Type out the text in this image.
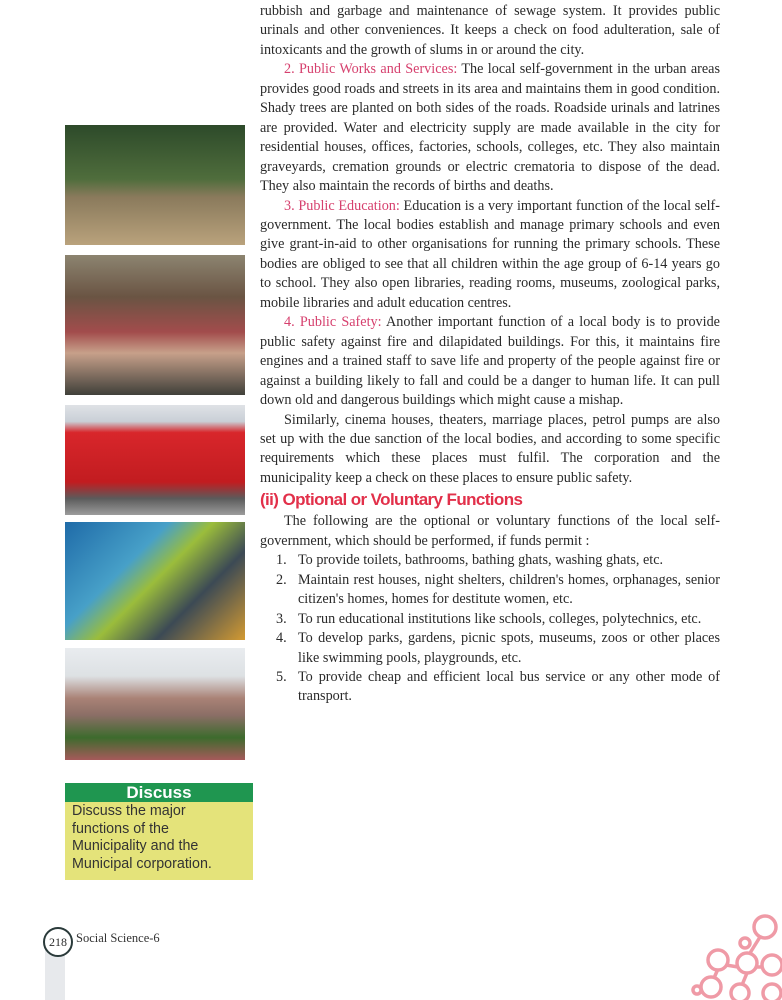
Discuss
Discuss the major functions of the Municipality and the Municipal corporation.

rubbish and garbage and maintenance of sewage system. It provides public urinals and other conveniences. It keeps a check on food adulteration, sale of intoxicants and the growth of slums in or around the city.

2. Public Works and Services: The local self-government in the urban areas provides good roads and streets in its area and maintains them in good condition. Shady trees are planted on both sides of the roads. Roadside urinals and latrines are provided. Water and electricity supply are made available in the city for residential houses, offices, factories, schools, colleges, etc. They also maintain graveyards, cremation grounds or electric crematoria to dispose of the dead. They also maintain the records of births and deaths.

3. Public Education: Education is a very important function of the local self-government. The local bodies establish and manage primary schools and even give grant-in-aid to other organisations for running the primary schools. These bodies are obliged to see that all children within the age group of 6-14 years go to school. They also open libraries, reading rooms, museums, zoological parks, mobile libraries and adult education centres.

4. Public Safety: Another important function of a local body is to provide public safety against fire and dilapidated buildings. For this, it maintains fire engines and a trained staff to save life and property of the people against fire or against a building likely to fall and could be a danger to human life. It can pull down old and dangerous buildings which might cause a mishap.

Similarly, cinema houses, theaters, marriage places, petrol pumps are also set up with the due sanction of the local bodies, and according to some specific requirements which these places must fulfil. The corporation and the municipality keep a check on these places to ensure public safety.

(ii) Optional or Voluntary Functions

The following are the optional or voluntary functions of the local self-government, which should be performed, if funds permit :

1. To provide toilets, bathrooms, bathing ghats, washing ghats, etc.
2. Maintain rest houses, night shelters, children's homes, orphanages, senior citizen's homes, homes for destitute women, etc.
3. To run educational institutions like schools, colleges, polytechnics, etc.
4. To develop parks, gardens, picnic spots, museums, zoos or other places like swimming pools, playgrounds, etc.
5. To provide cheap and efficient local bus service or any other mode of transport.
218 Social Science-6
